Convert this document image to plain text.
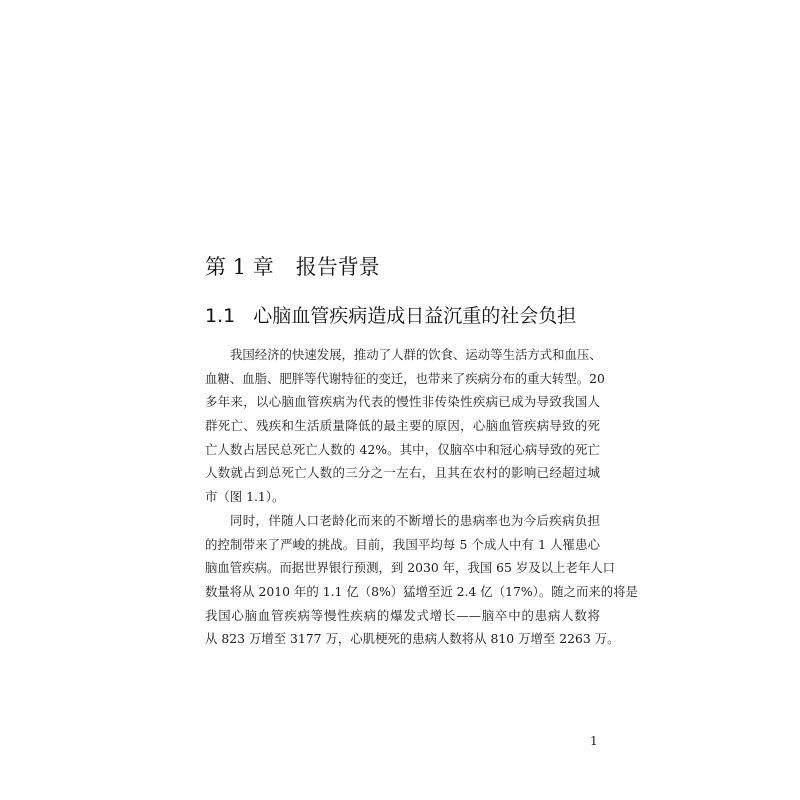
第 1 章 报告背景
1.1 心脑血管疾病造成日益沉重的社会负担
我国经济的快速发展，推动了人群的饮食、运动等生活方式和血压、
血糖、血脂、肥胖等代谢特征的变迁，也带来了疾病分布的重大转型。20
多年来，以心脑血管疾病为代表的慢性非传染性疾病已成为导致我国人
群死亡、残疾和生活质量降低的最主要的原因，心脑血管疾病导致的死
亡人数占居民总死亡人数的 42%。其中，仅脑卒中和冠心病导致的死亡
人数就占到总死亡人数的三分之一左右，且其在农村的影响已经超过城
市（图 1.1）。
同时，伴随人口老龄化而来的不断增长的患病率也为今后疾病负担
的控制带来了严峻的挑战。目前，我国平均每 5 个成人中有 1 人罹患心
脑血管疾病。而据世界银行预测，到 2030 年，我国 65 岁及以上老年人口
数量将从 2010 年的 1.1 亿（8%）猛增至近 2.4 亿（17%）。随之而来的将是
我国心脑血管疾病等慢性疾病的爆发式增长——脑卒中的患病人数将
从 823 万增至 3177 万，心肌梗死的患病人数将从 810 万增至 2263 万。
1
